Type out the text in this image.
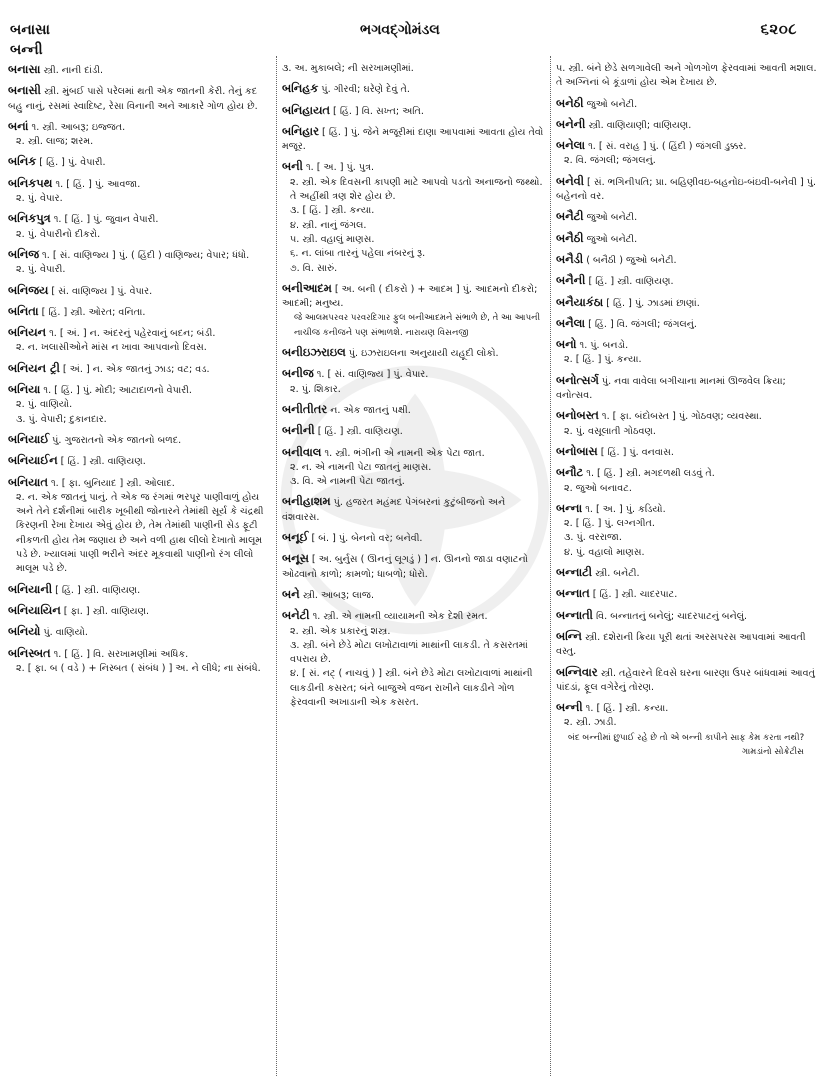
બનાસા
બન્ની
ભગવદ્ગોમંડલ	૬૨૦૮
બનાસા સ્ત્રી. નાની દાંડી.
બનાસી સ્ત્રી. મુંબઈ પાસે પરેલમાં થતી એક જાતની કેરી. તેનું કદ બહુ નાનું, રસમાં સ્વાદિષ્ટ, રેસા વિનાની અને આકારે ગોળ હોય છે.
બનાં ૧. સ્ત્રી. આબરૂ; ઇજ્જત.
૨. સ્ત્રી. લાજ; શરમ.
બનિક [ હિં. ] પું. વેપારી.
બનિકપથ ૧. [ હિં. ] પું. આવજા.
૨. પું. વેપાર.
બનિકપુત્ર ૧. [ હિં. ] પું. જુવાન વેપારી.
૨. પું. વેપારીનો દીકરો.
બનિજ ૧. [ સં. વાણિજ્ય ] પું. ( હિંદી ) વાણિજ્ય; વેપાર; ધંધો.
૨. પું. વેપારી.
બનિજય [ સં. વાણિજ્ય ] પું. વેપાર.
બનિતા [ હિં. ] સ્ત્રી. ઓરત; વનિતા.
બનિયન ૧. [ અં. ] ન. અંદરનું પહેરવાનું બદન; બંડી.
૨. ન. ખલાસીઓને માંસ ન ખાવા આપવાનો દિવસ.
બનિયન ટ્રી [ અં. ] ન. એક જાતનું ઝાડ; વટ; વડ.
બનિયા ૧. [ હિં. ] પું. મોદી; આટાદાળનો વેપારી.
૨. પું. વાણિયો.
૩. પું. વેપારી; દુકાનદાર.
બનિયાઈ પું. ગુજરાતનો એક જાતનો બળદ.
બનિયાઈન [ હિં. ] સ્ત્રી. વાણિયણ.
બનિયાત ૧. [ ફા. બુનિયાદ ] સ્ત્રી. ઓલાદ.
૨. ન. એક જાતનું પાનું. તે એક જ રંગમાં ભરપૂર પાણીવાળું હોય અને તેને દર્શનીમાં બારીક ખૂબીથી જોનારને તેમાંથી સૂર્ય કે ચંદ્રથી કિરણની રેખા દેખાય એવું હોય છે, તેમ તેમાંથી પાણીની સેડ ફૂટી નીકળતી હોય તેમ જણાય છે અને વળી હાથ લીલો દેખાતો માલૂમ પડે છે. ખ્યાલમાં પાણી ભરીને અંદર મૂકવાથી પાણીનો રંગ લીલો માલૂમ પડે છે.
બનિયાની [ હિં. ] સ્ત્રી. વાણિયણ.
બનિયાયિન [ ફા. ] સ્ત્રી. વાણિયણ.
બનિયો પું. વાણિયો.
બનિસ્બત ૧. [ હિં. ] વિ. સરખામણીમાં અધિક.
૨. [ ફા. બ ( વડે ) + નિસ્બત ( સંબંધ ) ] અ. ને લીધે; ના સંબંધે.
૩. અ. મુકાબલે; ની સરખામણીમાં.
બનિહક પું. ગીરવી; ઘરેણે દેવું તે.
બનિહાયત [ હિં. ] વિ. સખ્ત; અતિ.
બનિહાર [ હિં. ] પું. જેને મજૂરીમાં દાણા આપવામાં આવતા હોય તેવો મજૂર.
બની ૧. [ અ. ] પું. પુત્ર.
૨. સ્ત્રી. એક દિવસની કાપણી માટે આપવો પડતો અનાજનો જથ્થો. તે અહીંથી ત્રણ શેર હોય છે.
૩. [ હિં. ] સ્ત્રી. કન્યા.
૪. સ્ત્રી. નાનું જંગલ.
૫. સ્ત્રી. વહાલું માણસ.
૬. ન. લાંબા તારનું પહેલા નંબરનું રૂ.
૭. વિ. સારું.
બનીઆદમ [ અ. બની ( દીકરો ) + આદમ ] પું. આદમનો દીકરો; આદમી; મનુષ્ય.
જે આલમપરવર પરવરદિગાર ફુલ બનીઆદમને સંભાળે છે, તે આ આપની નાચીજ કનીજને પણ સંભાળશે. નારાયણ વિસનજી
બનીઇઝરાઇલ પું. ઇઝરાઇલના અનુયાયી યહૂદી લોકો.
બનીજ ૧. [ સં. વાણિજ્ય ] પું. વેપાર.
૨. પું. શિકાર.
બનીતીતર ન. એક જાતનું પક્ષી.
બનીની [ હિં. ] સ્ત્રી. વાણિયણ.
બનીવાલ ૧. સ્ત્રી. ભંગીની એ નામની એક પેટા જાત.
૨. ન. એ નામની પેટા જાતનું માણસ.
૩. વિ. એ નામની પેટા જાતનું.
બનીહાશમ પું. હજરત મહંમદ પેગંબરનાં કુટુંબીજનો અને વંશવારસ.
બનૂઈ [ બં. ] પું. બેનનો વર; બનેવી.
બનૂસ [ અ. બુર્નુસ ( ઊનનું લૂગડું ) ] ન. ઊનનો જાડા વણાટનો ઓઢવાનો કાળો; કામળો; ધાબળો; ધોરો.
બને સ્ત્રી. આબરૂ; લાજ.
બનેટી ૧. સ્ત્રી. એ નામની વ્યાયામની એક દેશી રમત.
૨. સ્ત્રી. એક પ્રકારનું શસ્ત્ર.
૩. સ્ત્રી. બંને છેડે મોટા લખોટાવાળાં માથાંની લાકડી. તે કસરતમાં વપરાય છે.
૪. [ સં. નટ્ ( નાચવું ) ] સ્ત્રી. બંને છેડે મોટા લખોટાવાળાં માથાંની લાકડીની કસરત; બંને બાજુએ વજન રાખીને લાકડીને ગોળ ફેરવવાની અખાડાની એક કસરત.
૫. સ્ત્રી. બંને છેડે સળગાવેલી અને ગોળગોળ ફેરવવામાં આવતી મશાલ. તે અગ્નિનાં બે કૂંડાળાં હોય એમ દેખાય છે.
બનેઠી જુઓ બનેટી.
બનેની સ્ત્રી. વાણિયાણી; વાણિયણ.
બનેલા ૧. [ સં. વરાહ ] પું. ( હિંદી ) જંગલી ડુક્કર.
૨. વિ. જંગલી; જંગલનું.
બનેવી [ સં. ભગિનીપતિ; પ્રા. બહિણીવઇ-બહનોઇ-બંઇવી-બનેવી ] પું. બહેનનો વર.
બનૈટી જુઓ બનેટી.
બનૈઠી જુઓ બનેટી.
બનૈડી ( બનૈઠી ) જુઓ બનેટી.
બનૈની [ હિં. ] સ્ત્રી. વાણિયણ.
બનૈયાકંઠા [ હિં. ] પું. ઝાડમાં છાણાં.
બનૈલા [ હિં. ] વિ. જંગલી; જંગલનું.
બનો ૧. પું. બનડો.
૨. [ હિં. ] પું. કન્યા.
બનોત્સર્ગ પું. નવા વાવેલા બગીચાના માનમાં ઊજવેલ ક્રિયા; વનોત્સવ.
બનોબસ્ત ૧. [ ફા. બંદોબસ્ત ] પું. ગોઠવણ; વ્યવસ્થા.
૨. પું. વસૂલાતી ગોઠવણ.
બનોબાસ [ હિં. ] પું. વનવાસ.
બનૌટ ૧. [ હિં. ] સ્ત્રી. મગદળથી લડવું તે.
૨. જુઓ બનાવટ.
બન્ના ૧. [ અ. ] પું. કડિયો.
૨. [ હિં. ] પું. લગ્નગીત.
૩. પું. વરરાજા.
૪. પું. વહાલો માણસ.
બન્નાટી સ્ત્રી. બનેટી.
બન્નાત [ હિં. ] સ્ત્રી. ચાદરપાટ.
બન્નાતી વિ. બન્નાતનું બનેલું; ચાદરપાટનું બનેલું.
બન્નિ સ્ત્રી. દશેરાની ક્રિયા પૂરી થતાં અરસપરસ આપવામાં આવતી વસ્તુ.
બન્નિવાર સ્ત્રી. તહેવારને દિવસે ઘરના બારણા ઉપર બાંધવામાં આવતું પાંદડાં, ફૂલ વગેરેનું તોરણ.
બન્ની ૧. [ હિં. ] સ્ત્રી. કન્યા.
૨. સ્ત્રી. ઝાડી.
બંદ બન્નીમાં છુપાઈ રહે છે તો એ બન્ની કાપીને સાફ કેમ કરતા નથી?
ગામડાંનો સોક્રેટીસ
